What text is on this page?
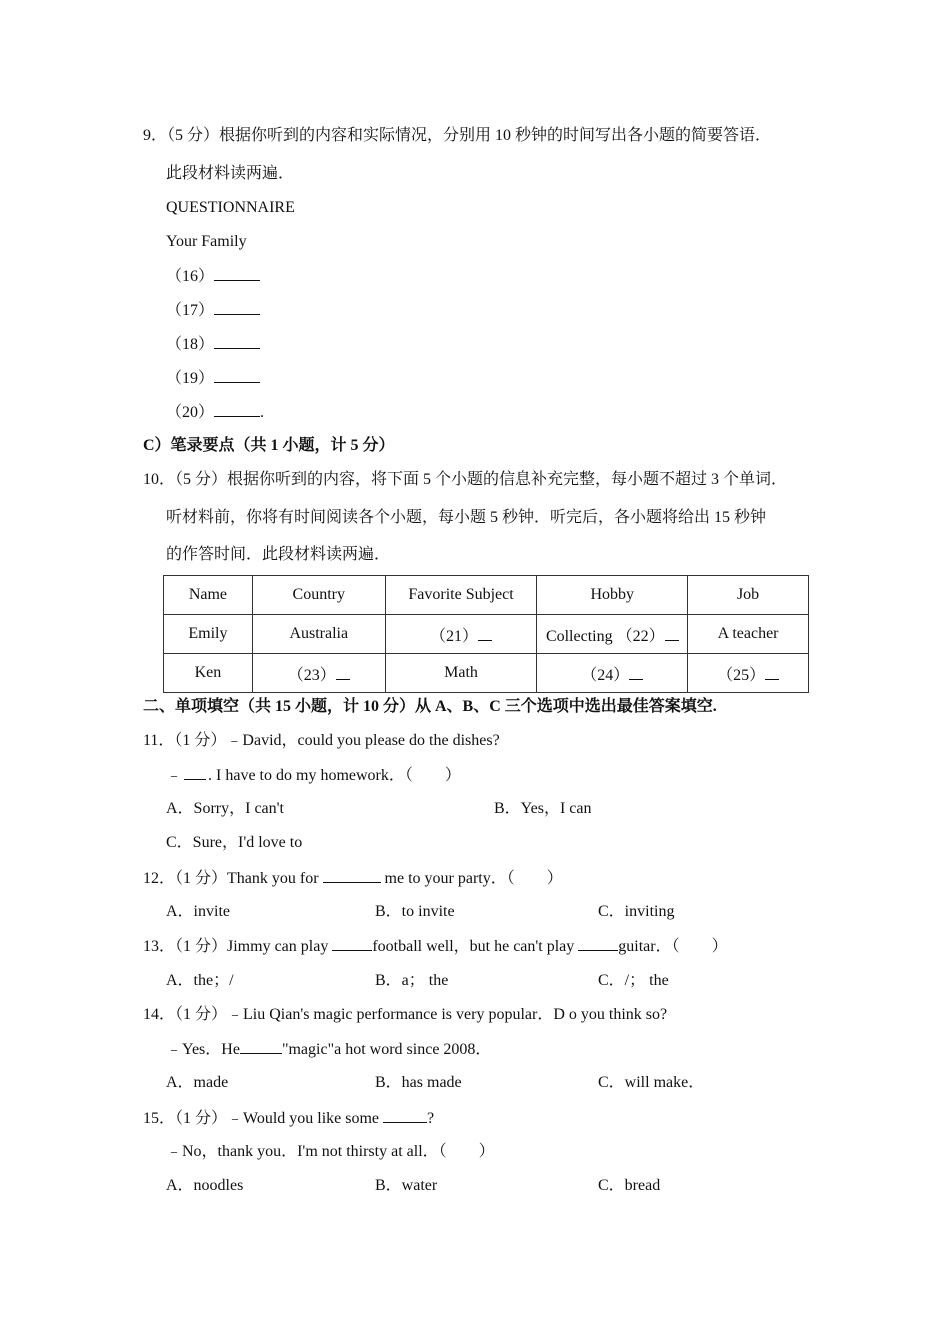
9．（5 分）根据你听到的内容和实际情况，分别用 10 秒钟的时间写出各小题的简要答语．
此段材料读两遍．
QUESTIONNAIRE
Your Family
（16）
（17）
（18）
（19）
（20）	.
C）笔录要点（共 1 小题，计 5 分）
10．（5 分）根据你听到的内容，将下面 5 个小题的信息补充完整，每小题不超过 3 个单词．
听材料前，你将有时间阅读各个小题，每小题 5 秒钟．听完后，各小题将给出 15 秒钟
的作答时间．此段材料读两遍．
Name	Country	Favorite Subject	Hobby	Job
Emily	Australia	（21）	Collecting （22）	A teacher
Ken	（23）	Math	（24）	（25）
二、单项填空（共 15 小题，计 10 分）从 A、B、C 三个选项中选出最佳答案填空.
11．（1 分）﹣David，could you please do the dishes?
﹣ . I have to do my homework．（　　）
A．Sorry，I can't	B．Yes，I can
C．Sure，I'd love to
12．（1 分）Thank you for	me to your party．（　　）
A．invite	B．to invite	C．inviting
13．（1 分）Jimmy can play	football well，but he can't play	guitar．（　　）
A．the；/	B．a； the	C．/； the
14．（1 分）﹣Liu Qian's magic performance is very popular．D o you think so?
﹣Yes．He	"magic"a hot word since 2008．
A．made	B．has made	C．will make．
15．（1 分）﹣Would you like some	?
﹣No，thank you．I'm not thirsty at all．（　　）
A．noodles	B．water	C．bread
